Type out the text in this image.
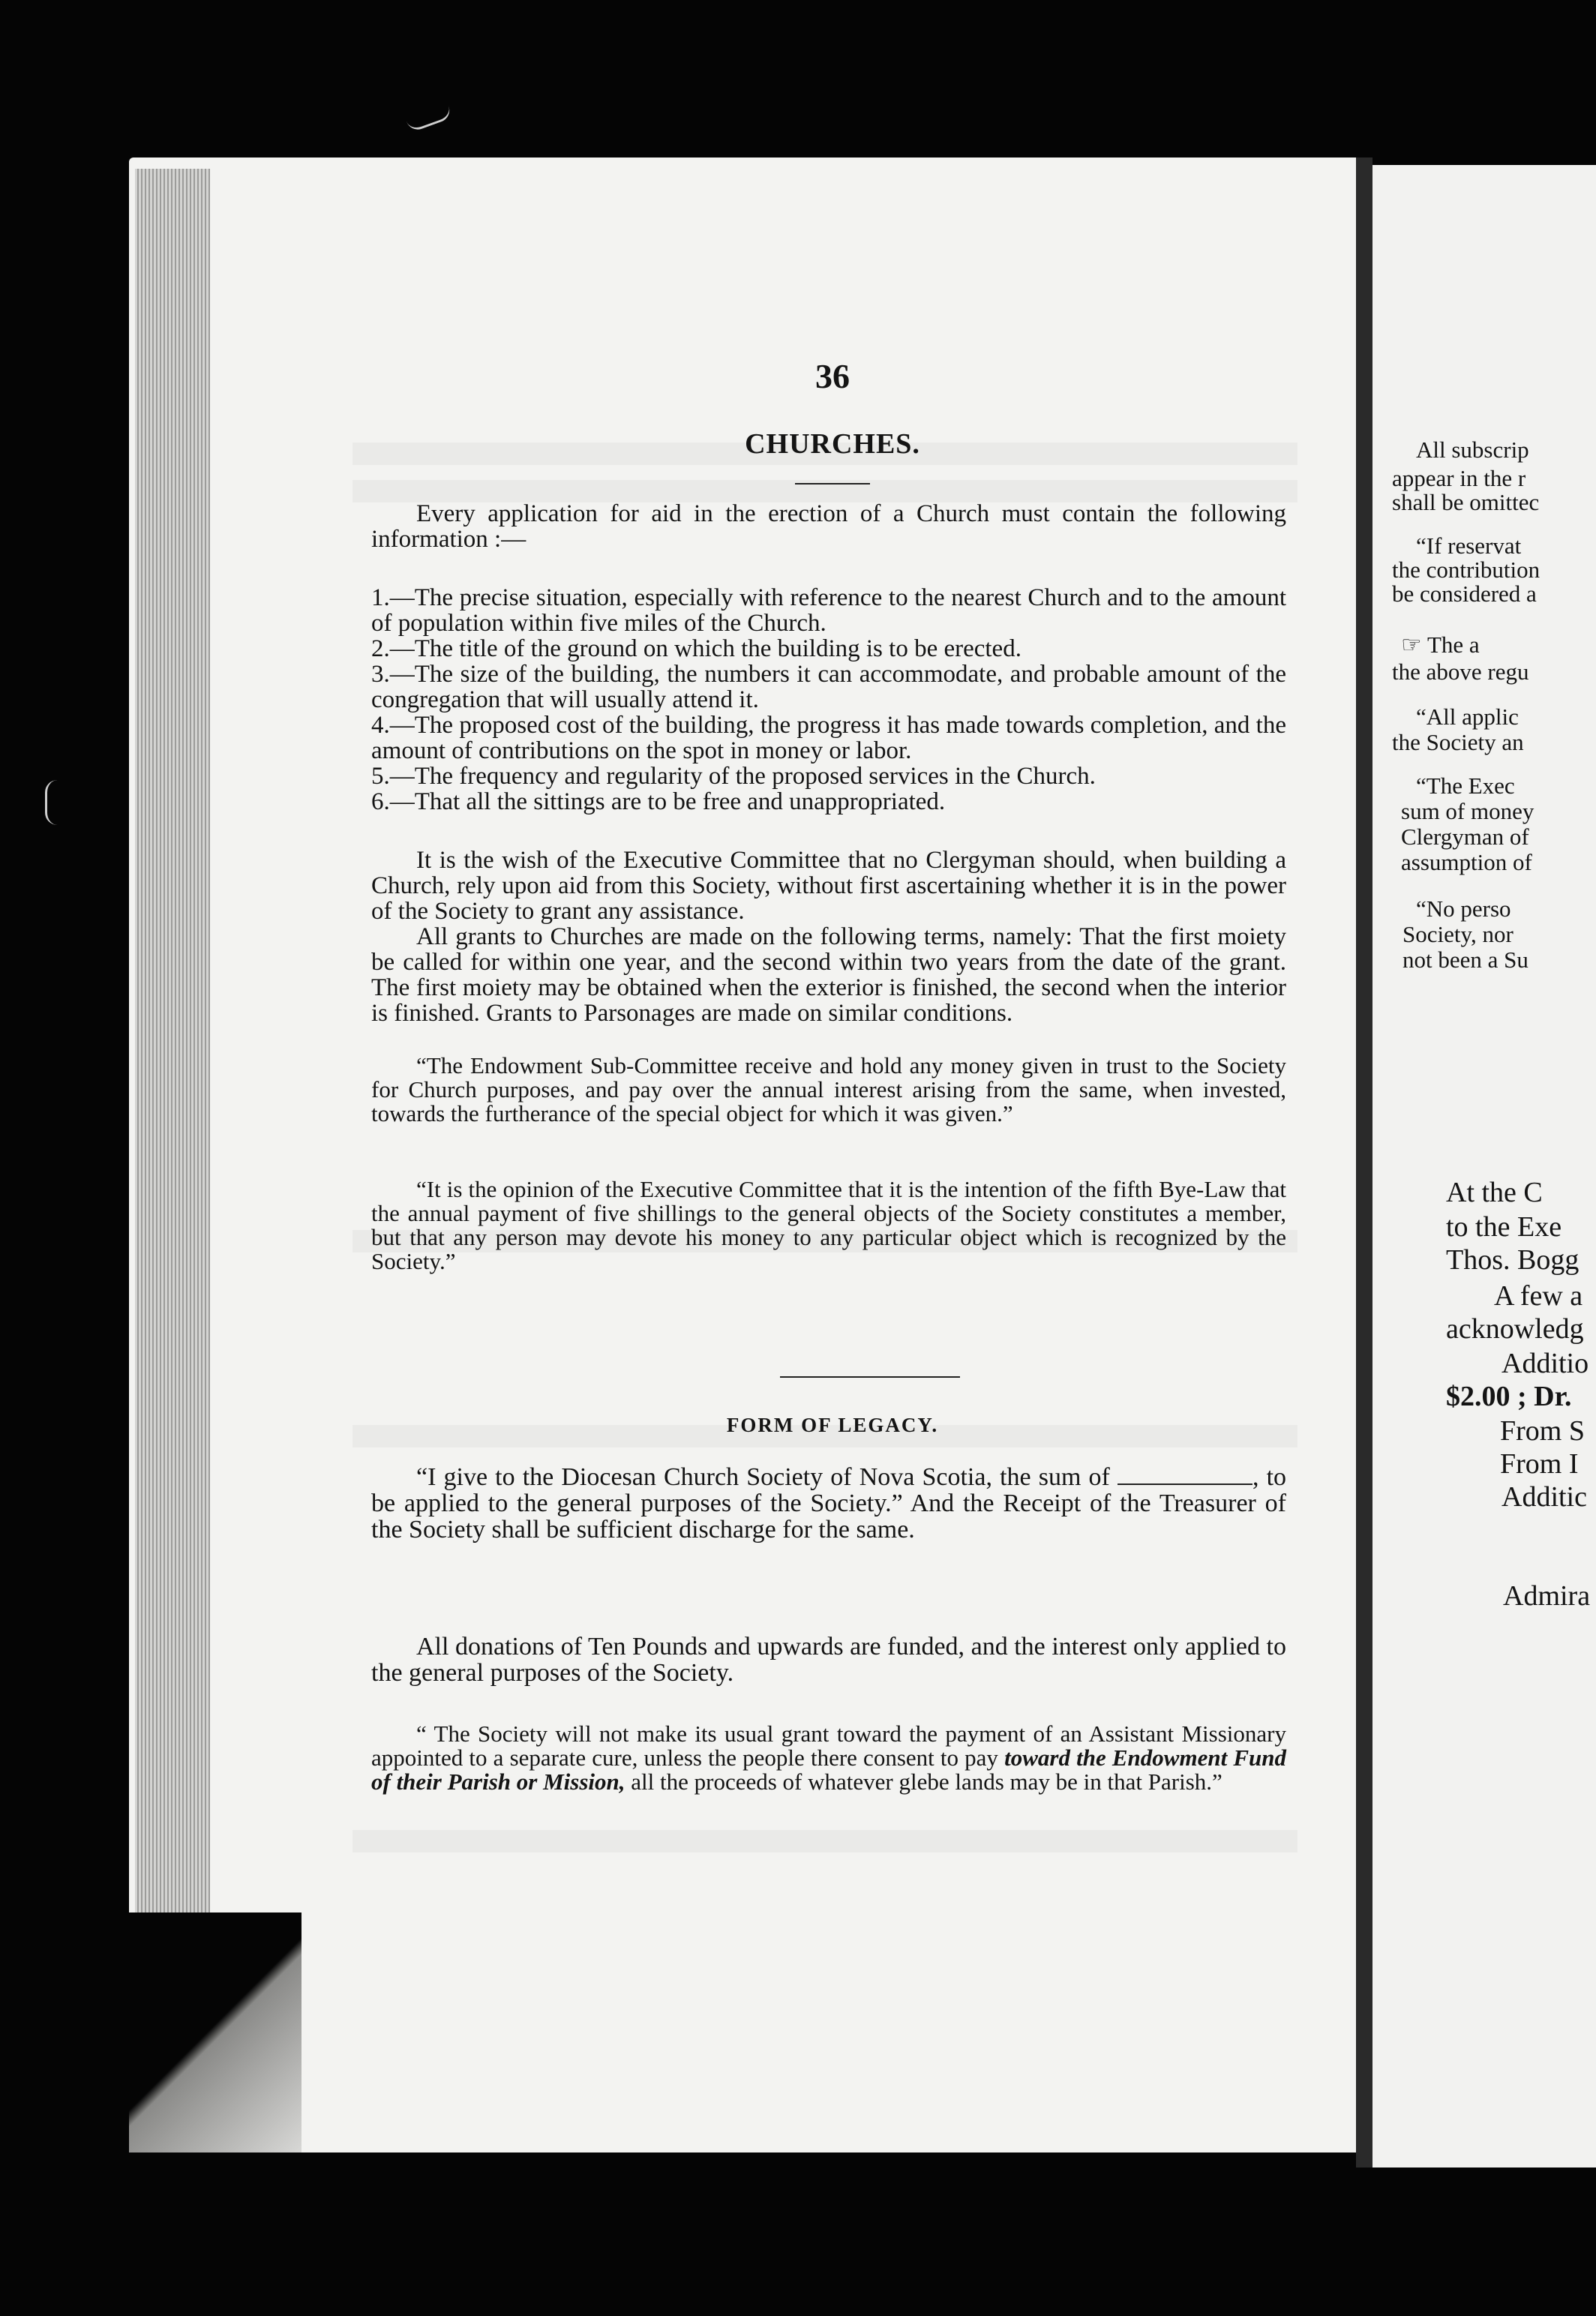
36
CHURCHES.

Every application for aid in the erection of a Church must contain the following information :—

1.—The precise situation, especially with reference to the nearest Church and to the amount of population within five miles of the Church.

2.—The title of the ground on which the building is to be erected.

3.—The size of the building, the numbers it can accommodate, and probable amount of the congregation that will usually attend it.

4.—The proposed cost of the building, the progress it has made towards completion, and the amount of contributions on the spot in money or labor.

5.—The frequency and regularity of the proposed services in the Church.

6.—That all the sittings are to be free and unappropriated.

It is the wish of the Executive Committee that no Clergyman should, when building a Church, rely upon aid from this Society, without first ascertaining whether it is in the power of the Society to grant any assistance.

All grants to Churches are made on the following terms, namely: That the first moiety be called for within one year, and the second within two years from the date of the grant. The first moiety may be obtained when the exterior is finished, the second when the interior is finished. Grants to Parsonages are made on similar conditions.

“The Endowment Sub-Committee receive and hold any money given in trust to the Society for Church purposes, and pay over the annual interest arising from the same, when invested, towards the furtherance of the special object for which it was given.”

“It is the opinion of the Executive Committee that it is the intention of the fifth Bye-Law that the annual payment of five shillings to the general objects of the Society constitutes a member, but that any person may devote his money to any particular object which is recognized by the Society.”

FORM OF LEGACY.

“I give to the Diocesan Church Society of Nova Scotia, the sum of	, to be applied to the general purposes of the Society.” And the Receipt of the Treasurer of the Society shall be sufficient discharge for the same.

All donations of Ten Pounds and upwards are funded, and the interest only applied to the general purposes of the Society.

“ The Society will not make its usual grant toward the payment of an Assistant Missionary appointed to a separate cure, unless the people there consent to pay toward the Endowment Fund of their Parish or Mission, all the proceeds of whatever glebe lands may be in that Parish.”

All subscrip
appear in the r
shall be omittec
“If reservat
the contribution
be considered a
☞ The a
the above regu
“All applic
the Society an
“The Exec
sum of money
Clergyman of
assumption of
“No perso
Society, nor
not been a Su
At the C
to the Exe
Thos. Bogg
A few a
acknowledg
Additio
$2.00 ; Dr.
From S
From I
Additic
Admira
